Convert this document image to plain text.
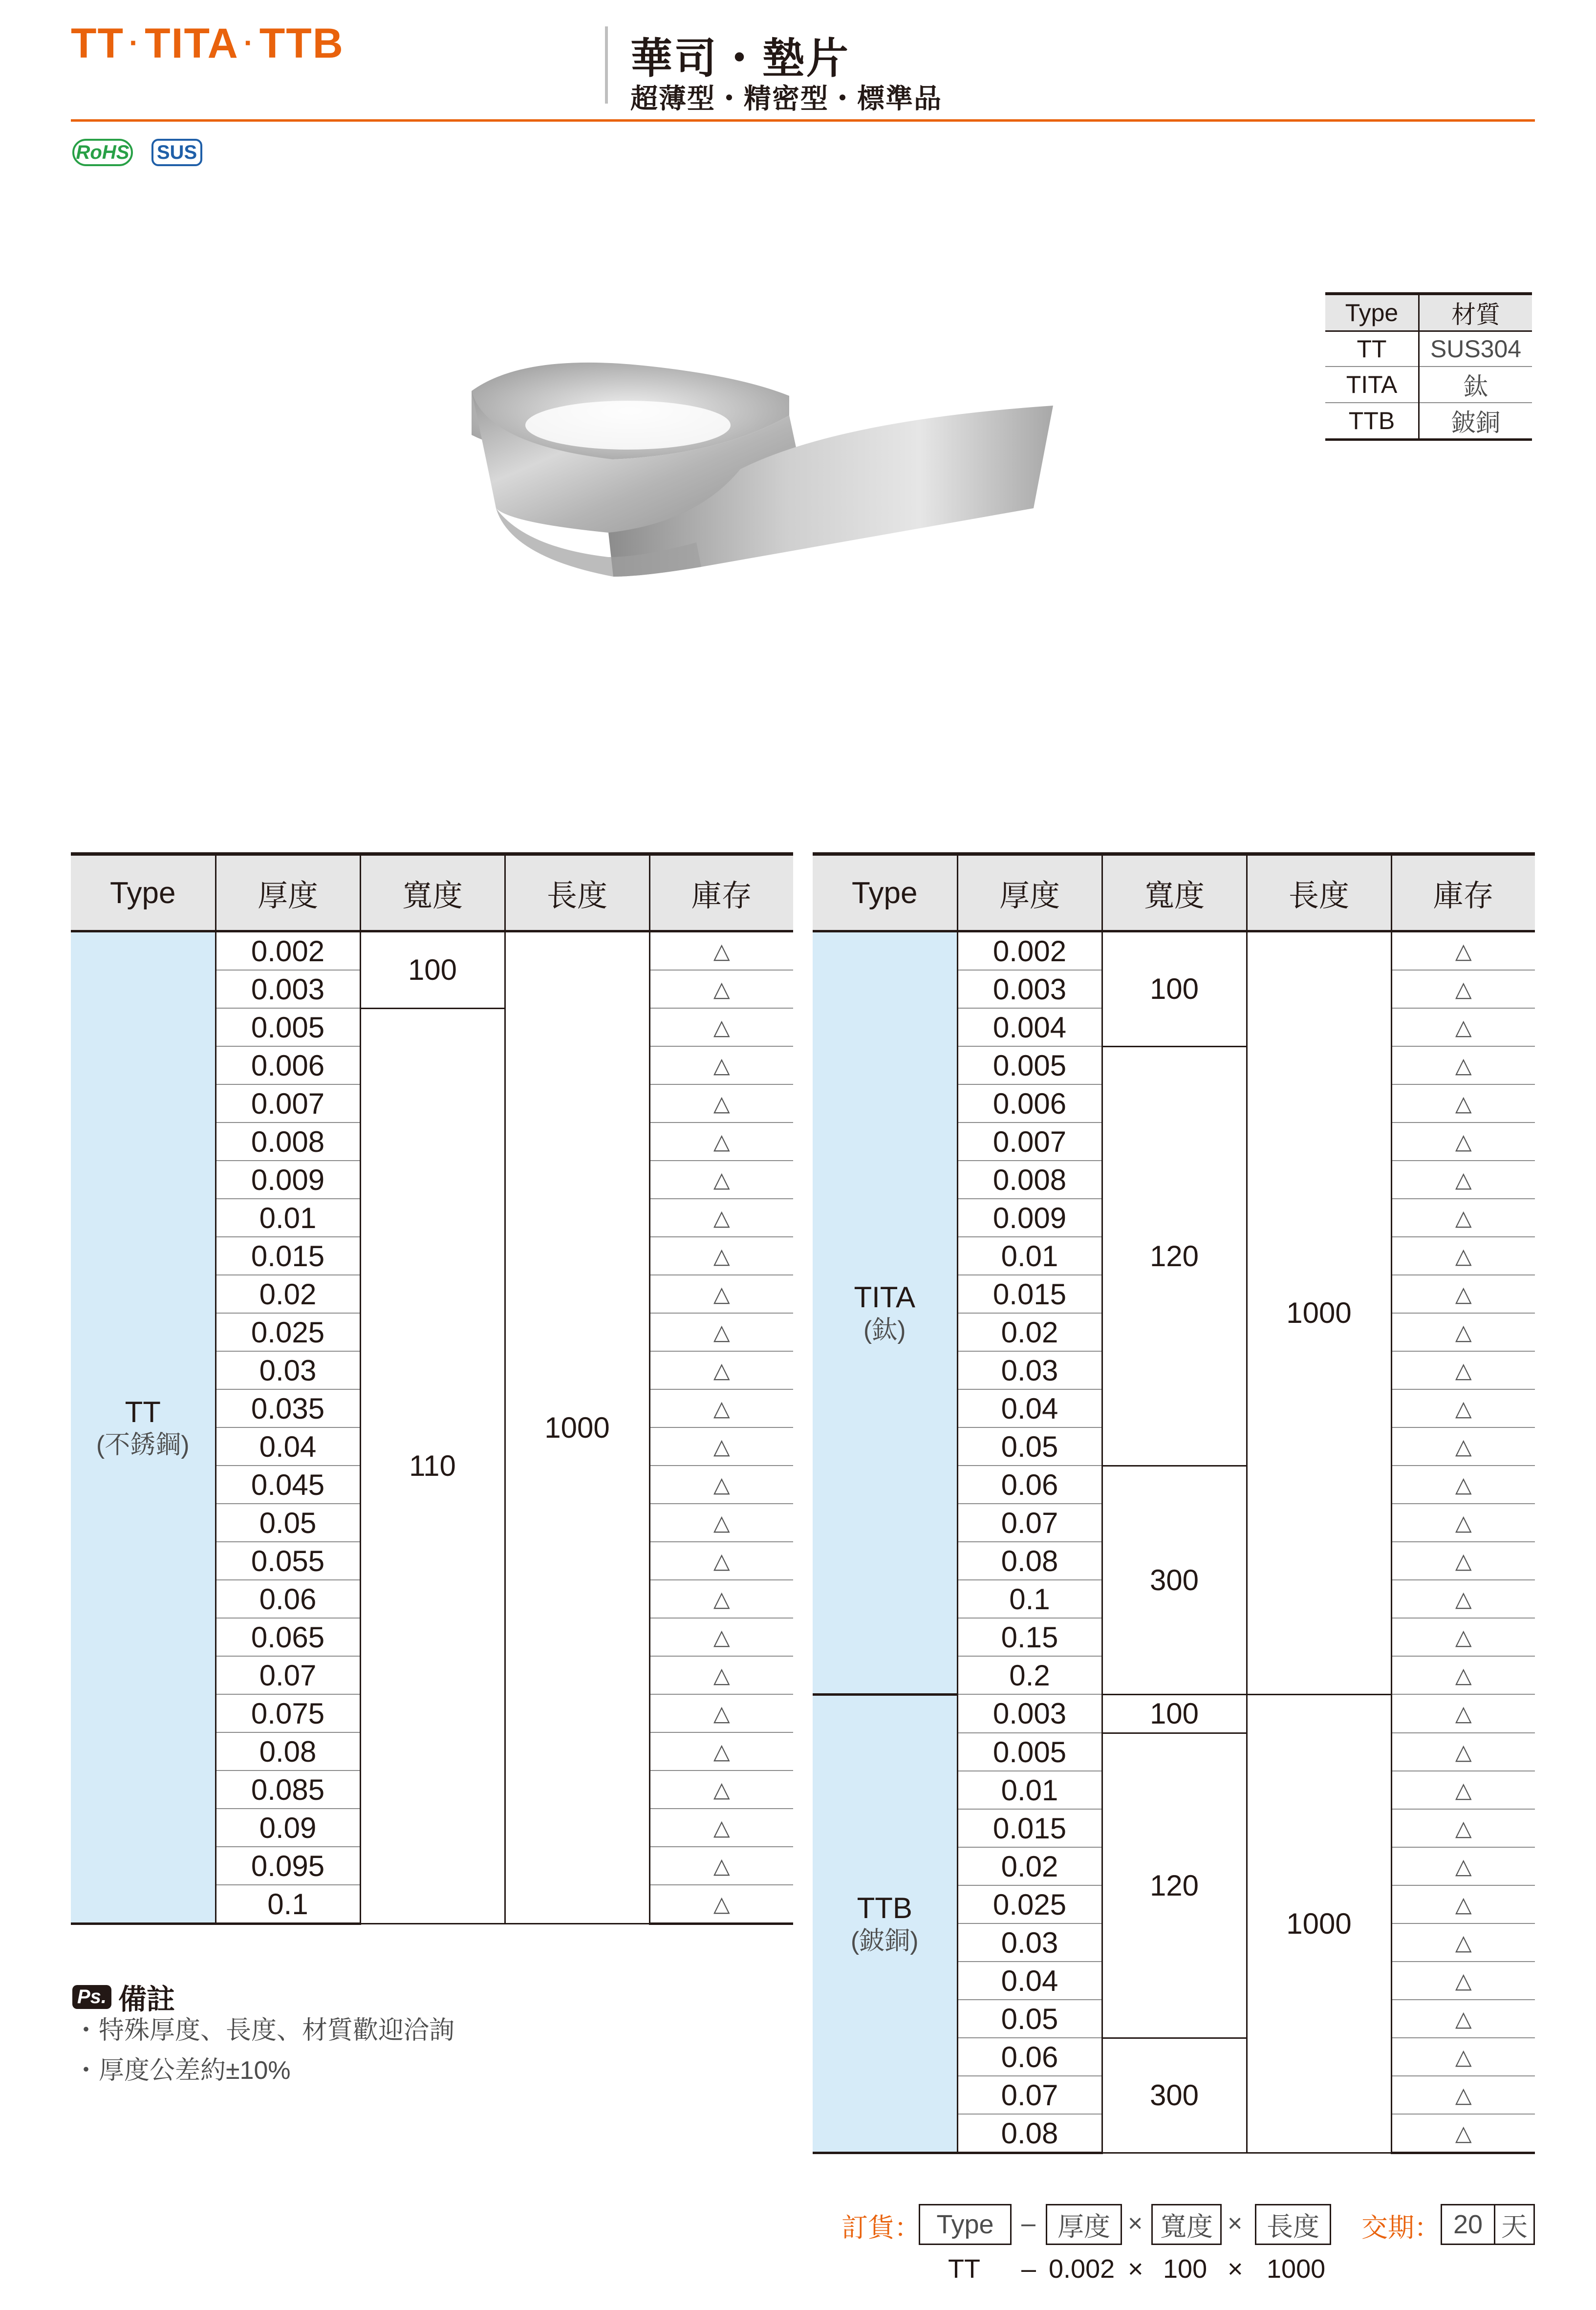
TT · TITA · TTB	華司・墊片
超薄型・精密型・標準品
RoHS SUS
Type	材質
TT	SUS304
TITA	鈦
TTB	鈹銅
Type	厚度	寬度	長度	庫存

TT
(不銹鋼)	0.002	100	1000	△
	0.003			△
	0.005	110		△
	0.006			△
	0.007			△
	0.008			△
	0.009			△
	0.01			△
	0.015			△
	0.02			△
	0.025			△
	0.03			△
	0.035			△
	0.04			△
	0.045			△
	0.05			△
	0.055			△
	0.06			△
	0.065			△
	0.07			△
	0.075			△
	0.08			△
	0.085			△
	0.09			△
	0.095			△
	0.1			△
Type	厚度	寬度	長度	庫存

TITA
(鈦)	0.002	100	1000	△
	0.003			△
	0.004			△
	0.005	120		△
	0.006			△
	0.007			△
	0.008			△
	0.009			△
	0.01			△
	0.015			△
	0.02			△
	0.03			△
	0.04			△
	0.05			△
	0.06	300		△
	0.07			△
	0.08			△
	0.1			△
	0.15			△
	0.2			△

TTB
(鈹銅)	0.003	100	1000	△
	0.005	120		△
	0.01			△
	0.015			△
	0.02			△
	0.025			△
	0.03			△
	0.04			△
	0.05			△
	0.06	300		△
	0.07			△
	0.08			△
Ps. 備註
・特殊厚度、長度、材質歡迎洽詢
・厚度公差約±10%
訂貨： Type	– 厚度 × 寬度 × 長度	交期： 20 天
TT – 0.002 × 100 × 1000
